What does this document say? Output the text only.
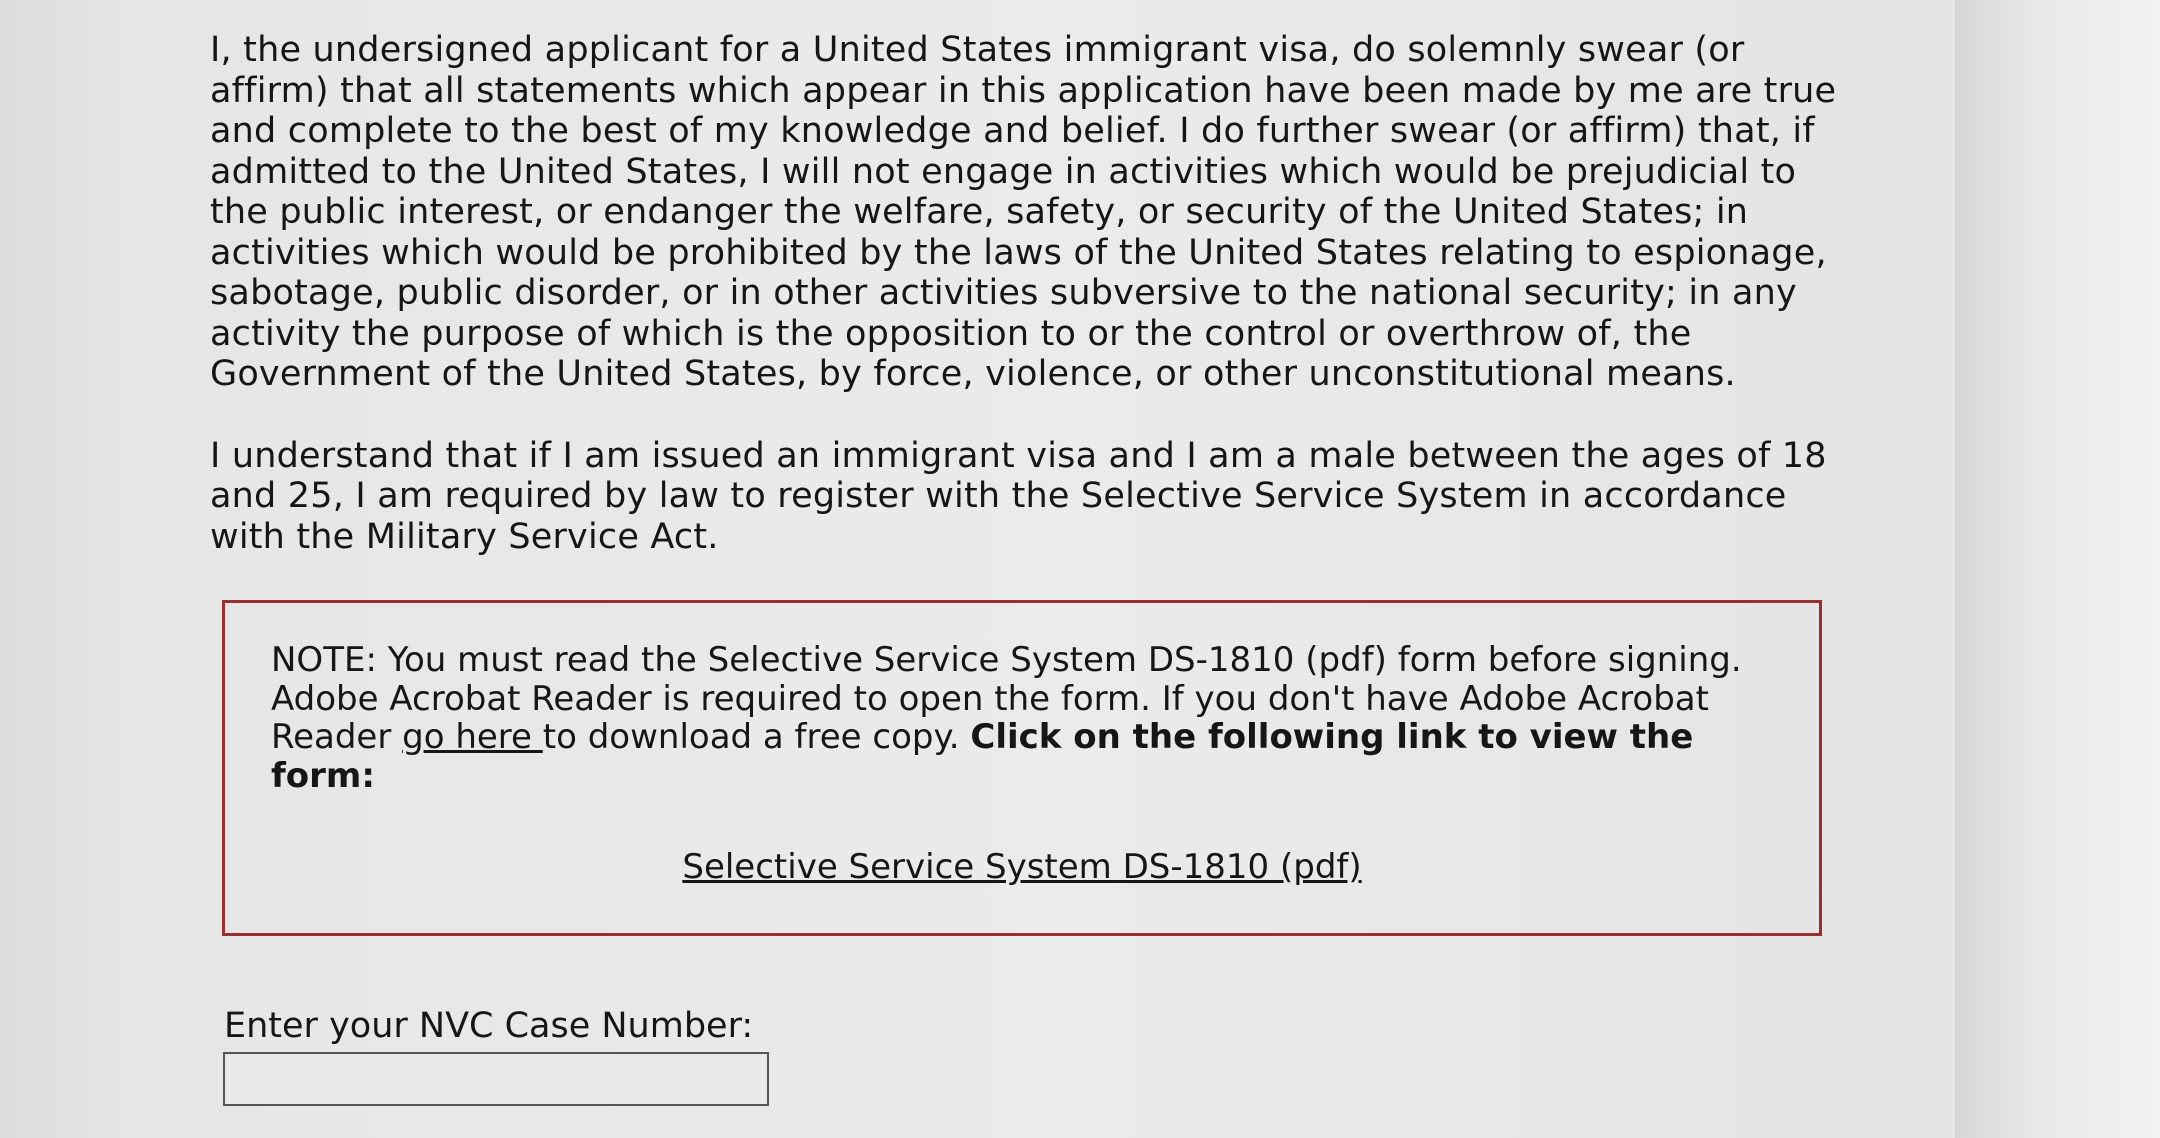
I, the undersigned applicant for a United States immigrant visa, do solemnly swear (or affirm) that all statements which appear in this application have been made by me are true and complete to the best of my knowledge and belief. I do further swear (or affirm) that, if admitted to the United States, I will not engage in activities which would be prejudicial to the public interest, or endanger the welfare, safety, or security of the United States; in activities which would be prohibited by the laws of the United States relating to espionage, sabotage, public disorder, or in other activities subversive to the national security; in any activity the purpose of which is the opposition to or the control or overthrow of, the Government of the United States, by force, violence, or other unconstitutional means.

I understand that if I am issued an immigrant visa and I am a male between the ages of 18 and 25, I am required by law to register with the Selective Service System in accordance with the Military Service Act.

NOTE: You must read the Selective Service System DS-1810 (pdf) form before signing. Adobe Acrobat Reader is required to open the form. If you don't have Adobe Acrobat Reader go here to download a free copy. Click on the following link to view the form:

Selective Service System DS-1810 (pdf)

Enter your NVC Case Number:
